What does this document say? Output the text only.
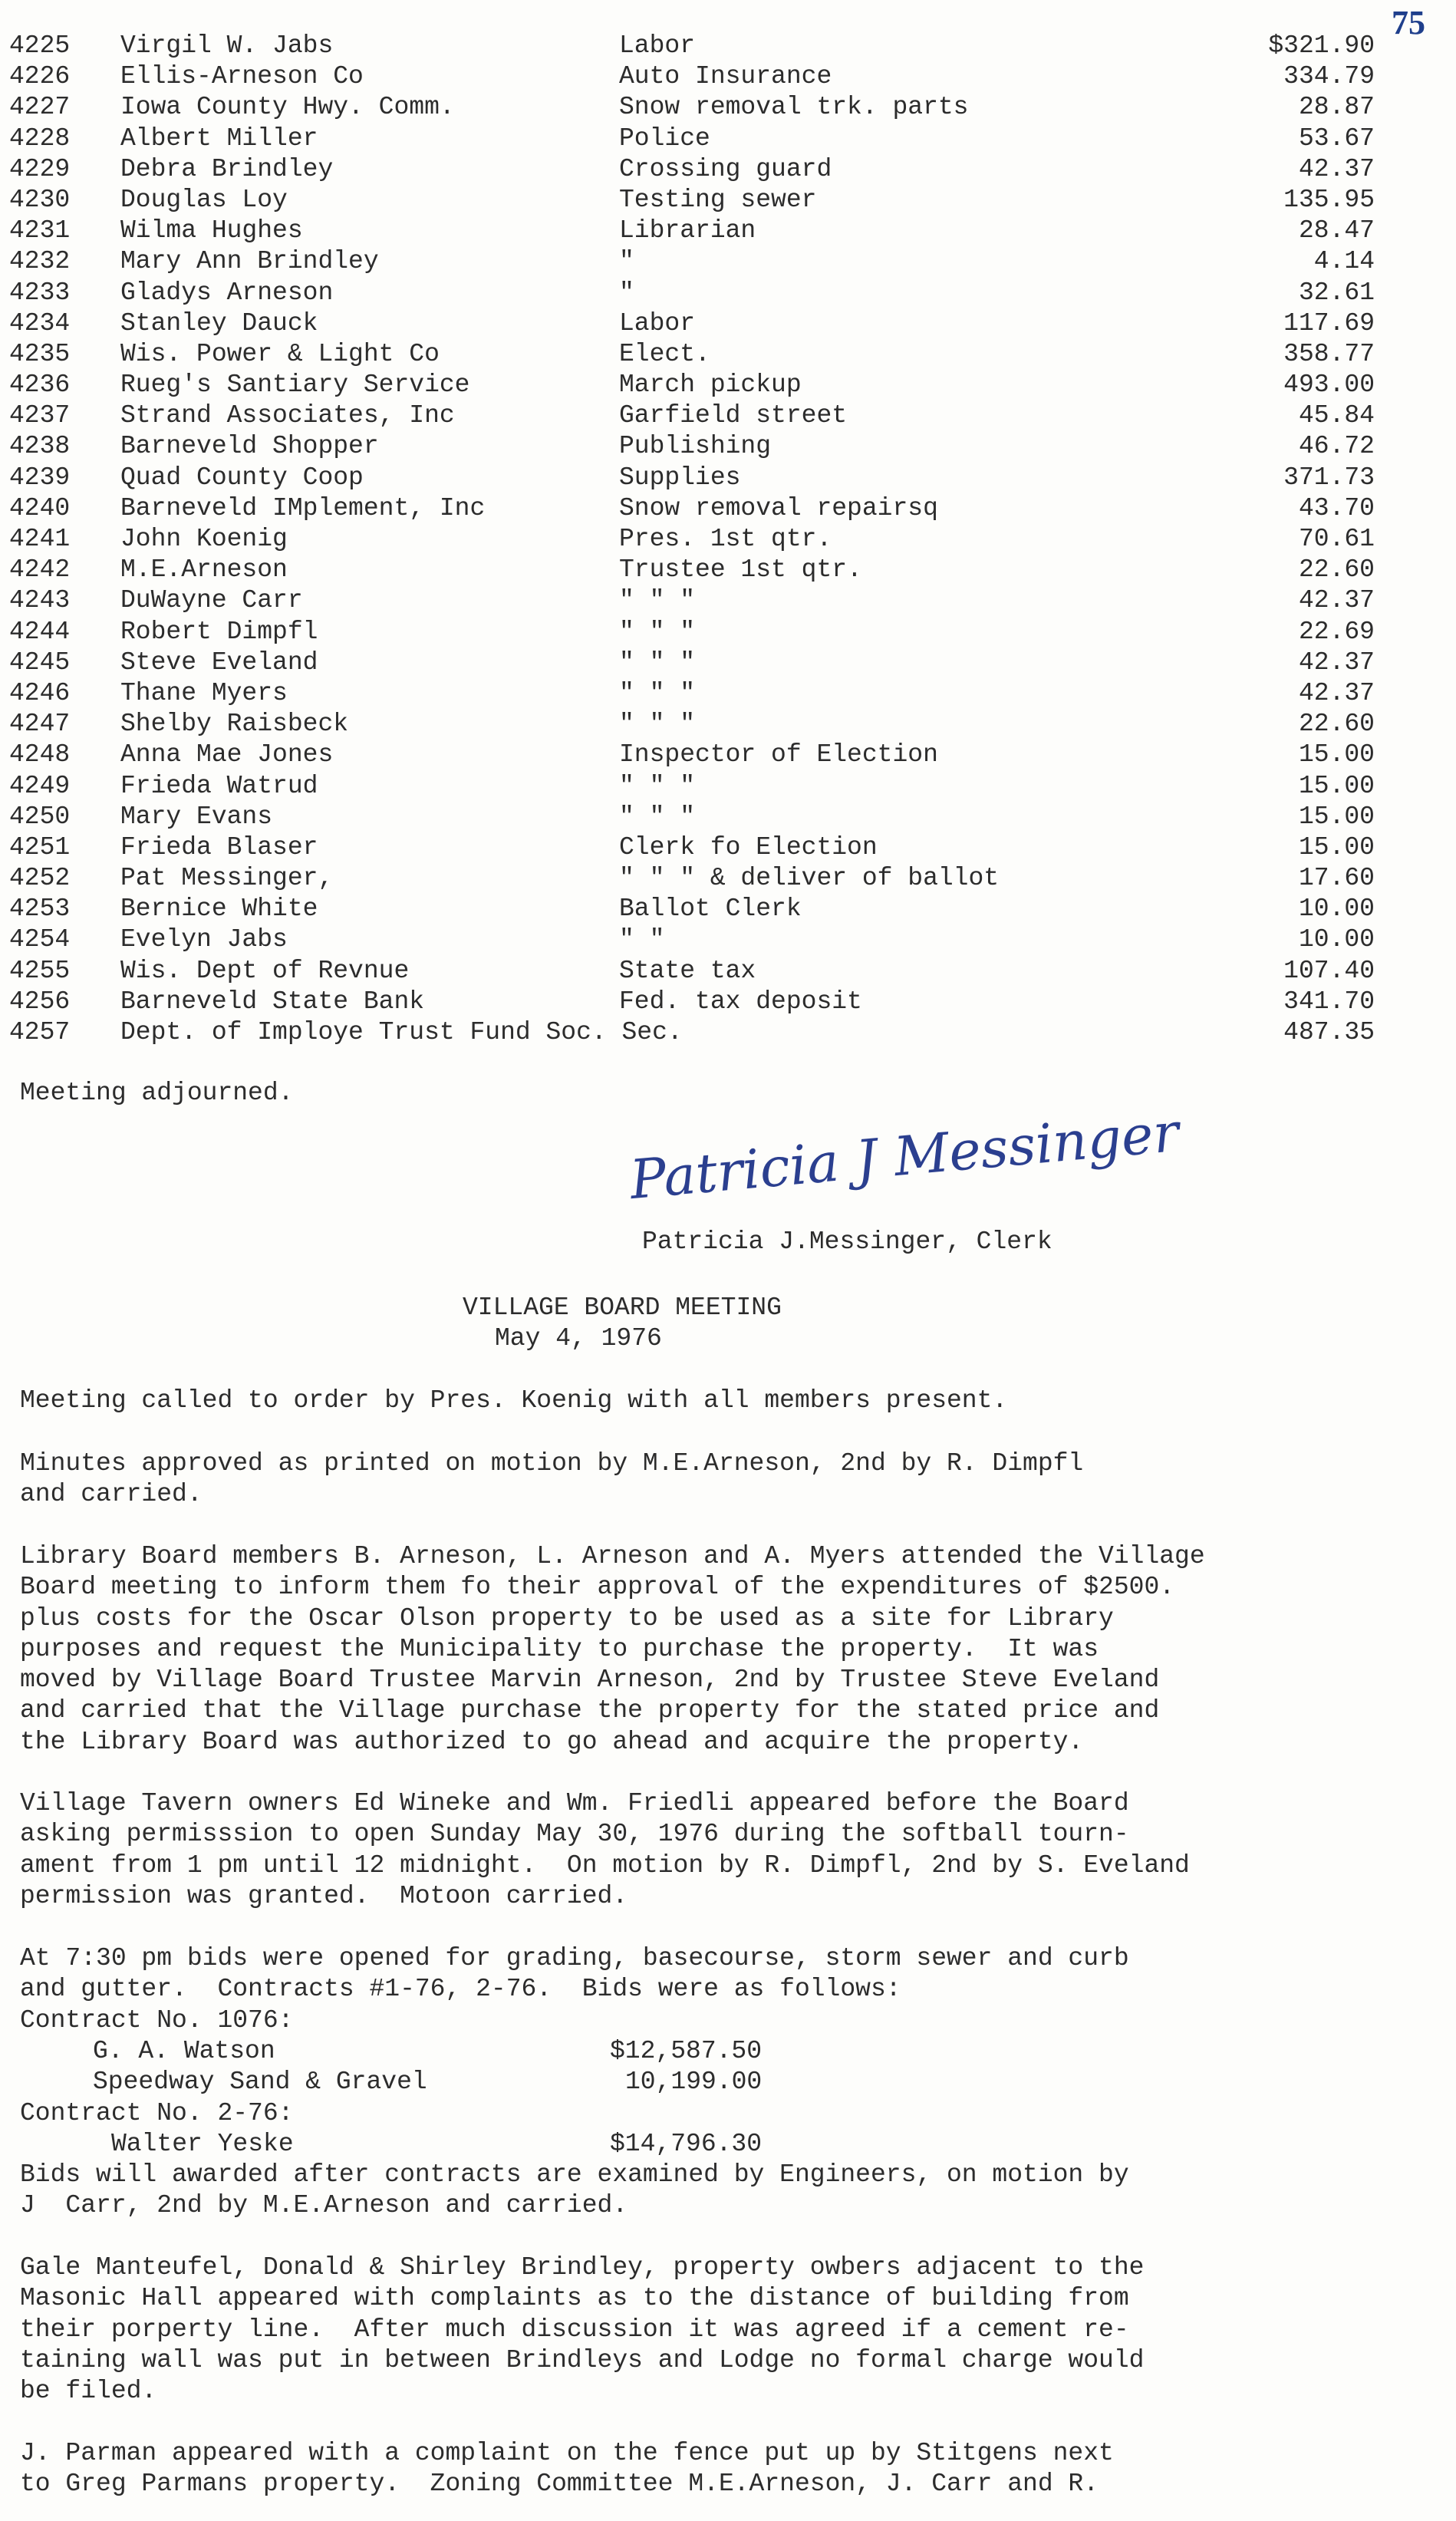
75
4225 Virgil W. Jabs	Labor	$321.90
4226 Ellis-Arneson Co	Auto Insurance	334.79
4227 Iowa County Hwy. Comm.	Snow removal trk. parts	28.87
4228 Albert Miller	Police	53.67
4229 Debra Brindley	Crossing guard	42.37
4230 Douglas Loy	Testing sewer	135.95
4231 Wilma Hughes	Librarian	28.47
4232 Mary Ann Brindley	"	4.14
4233 Gladys Arneson	"	32.61
4234 Stanley Dauck	Labor	117.69
4235 Wis. Power & Light Co	Elect.	358.77
4236 Rueg's Santiary Service	March pickup	493.00
4237 Strand Associates, Inc	Garfield street	45.84
4238 Barneveld Shopper	Publishing	46.72
4239 Quad County Coop	Supplies	371.73
4240 Barneveld IMplement, Inc	Snow removal repairsq	43.70
4241 John Koenig	Pres. 1st qtr.	70.61
4242 M.E.Arneson	Trustee 1st qtr.	22.60
4243 DuWayne Carr	" " "	42.37
4244 Robert Dimpfl	" " "	22.69
4245 Steve Eveland	" " "	42.37
4246 Thane Myers	" " "	42.37
4247 Shelby Raisbeck	" " "	22.60
4248 Anna Mae Jones	Inspector of Election	15.00
4249 Frieda Watrud	" " "	15.00
4250 Mary Evans	" " "	15.00
4251 Frieda Blaser	Clerk fo Election	15.00
4252 Pat Messinger,	" " " & deliver of ballot	17.60
4253 Bernice White	Ballot Clerk	10.00
4254 Evelyn Jabs	" "	10.00
4255 Wis. Dept of Revnue	State tax	107.40
4256 Barneveld State Bank	Fed. tax deposit	341.70
4257 Dept. of Imploye Trust Fund Soc. Sec.	487.35
Meeting adjourned.
Patricia J Messinger
Patricia J.Messinger, Clerk
VILLAGE BOARD MEETING
May 4, 1976
Meeting called to order by Pres. Koenig with all members present.
Minutes approved as printed on motion by M.E.Arneson, 2nd by R. Dimpfl
and carried.
Library Board members B. Arneson, L. Arneson and A. Myers attended the Village
Board meeting to inform them fo their approval of the expenditures of $2500.
plus costs for the Oscar Olson property to be used as a site for Library
purposes and request the Municipality to purchase the property.  It was
moved by Village Board Trustee Marvin Arneson, 2nd by Trustee Steve Eveland
and carried that the Village purchase the property for the stated price and
the Library Board was authorized to go ahead and acquire the property.
Village Tavern owners Ed Wineke and Wm. Friedli appeared before the Board
asking permisssion to open Sunday May 30, 1976 during the softball tourn-
ament from 1 pm until 12 midnight.  On motion by R. Dimpfl, 2nd by S. Eveland
permission was granted.  Motoon carried.
At 7:30 pm bids were opened for grading, basecourse, storm sewer and curb
and gutter.  Contracts #1-76, 2-76.  Bids were as follows:
Contract No. 1076:
G. A. Watson	$12,587.50
Speedway Sand & Gravel	10,199.00
Contract No. 2-76:
Walter Yeske	$14,796.30
Bids will awarded after contracts are examined by Engineers, on motion by
J  Carr, 2nd by M.E.Arneson and carried.
Gale Manteufel, Donald & Shirley Brindley, property owbers adjacent to the
Masonic Hall appeared with complaints as to the distance of building from
their porperty line.  After much discussion it was agreed if a cement re-
taining wall was put in between Brindleys and Lodge no formal charge would
be filed.
J. Parman appeared with a complaint on the fence put up by Stitgens next
to Greg Parmans property.  Zoning Committee M.E.Arneson, J. Carr and R.
